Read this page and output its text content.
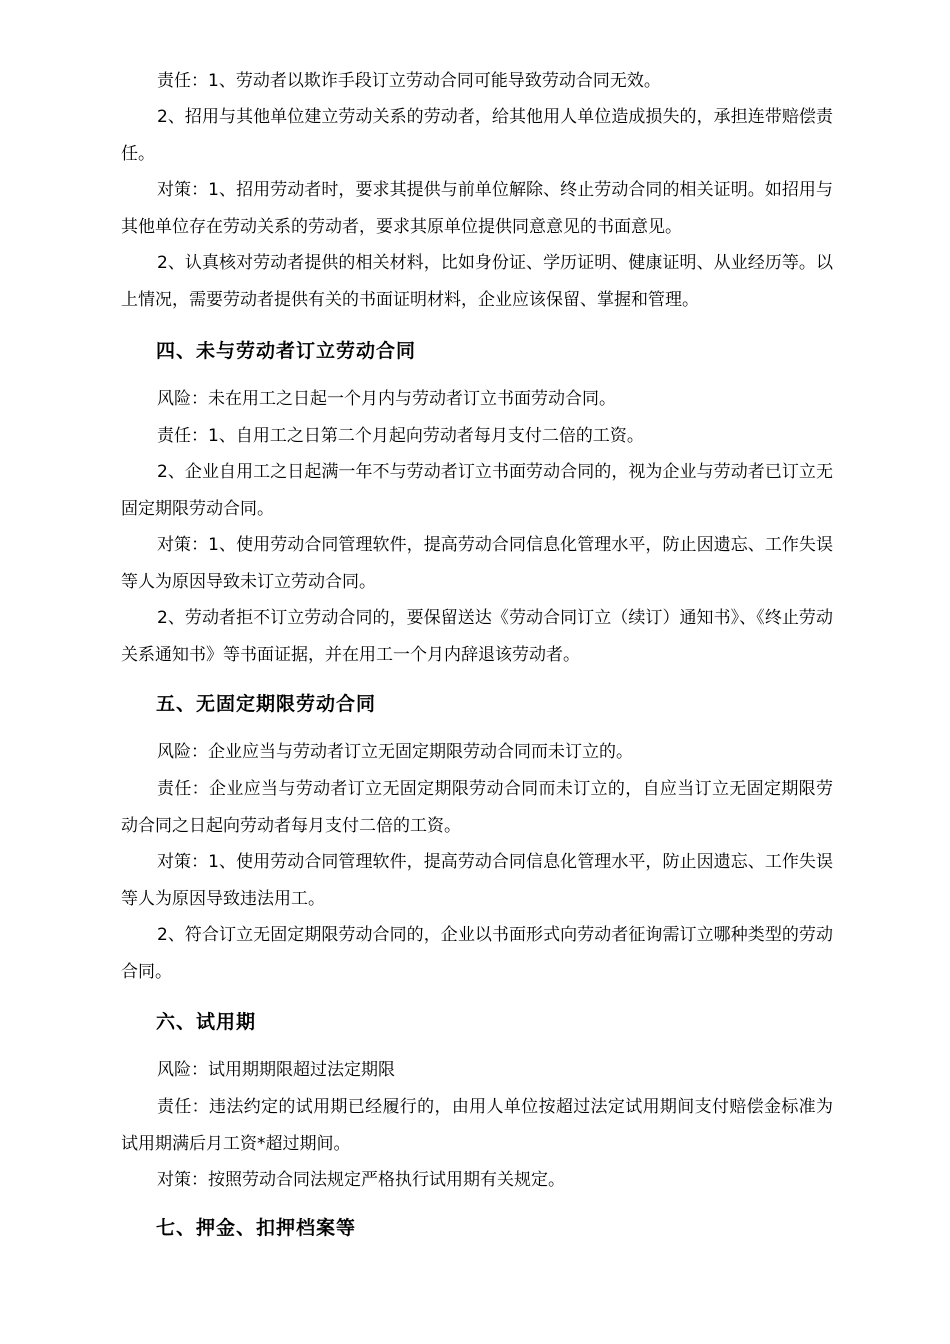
责任：1、劳动者以欺诈手段订立劳动合同可能导致劳动合同无效。

2、招用与其他单位建立劳动关系的劳动者，给其他用人单位造成损失的，承担连带赔偿责任。

对策：1、招用劳动者时，要求其提供与前单位解除、终止劳动合同的相关证明。如招用与其他单位存在劳动关系的劳动者，要求其原单位提供同意意见的书面意见。

2、认真核对劳动者提供的相关材料，比如身份证、学历证明、健康证明、从业经历等。以上情况，需要劳动者提供有关的书面证明材料，企业应该保留、掌握和管理。

四、未与劳动者订立劳动合同

风险：未在用工之日起一个月内与劳动者订立书面劳动合同。

责任：1、自用工之日第二个月起向劳动者每月支付二倍的工资。

2、企业自用工之日起满一年不与劳动者订立书面劳动合同的，视为企业与劳动者已订立无固定期限劳动合同。

对策：1、使用劳动合同管理软件，提高劳动合同信息化管理水平，防止因遗忘、工作失误等人为原因导致未订立劳动合同。

2、劳动者拒不订立劳动合同的，要保留送达《劳动合同订立（续订）通知书》、《终止劳动关系通知书》等书面证据，并在用工一个月内辞退该劳动者。

五、无固定期限劳动合同

风险：企业应当与劳动者订立无固定期限劳动合同而未订立的。

责任：企业应当与劳动者订立无固定期限劳动合同而未订立的，自应当订立无固定期限劳动合同之日起向劳动者每月支付二倍的工资。

对策：1、使用劳动合同管理软件，提高劳动合同信息化管理水平，防止因遗忘、工作失误等人为原因导致违法用工。

2、符合订立无固定期限劳动合同的，企业以书面形式向劳动者征询需订立哪种类型的劳动合同。

六、试用期

风险：试用期期限超过法定期限

责任：违法约定的试用期已经履行的，由用人单位按超过法定试用期间支付赔偿金标准为试用期满后月工资*超过期间。

对策：按照劳动合同法规定严格执行试用期有关规定。

七、押金、扣押档案等
